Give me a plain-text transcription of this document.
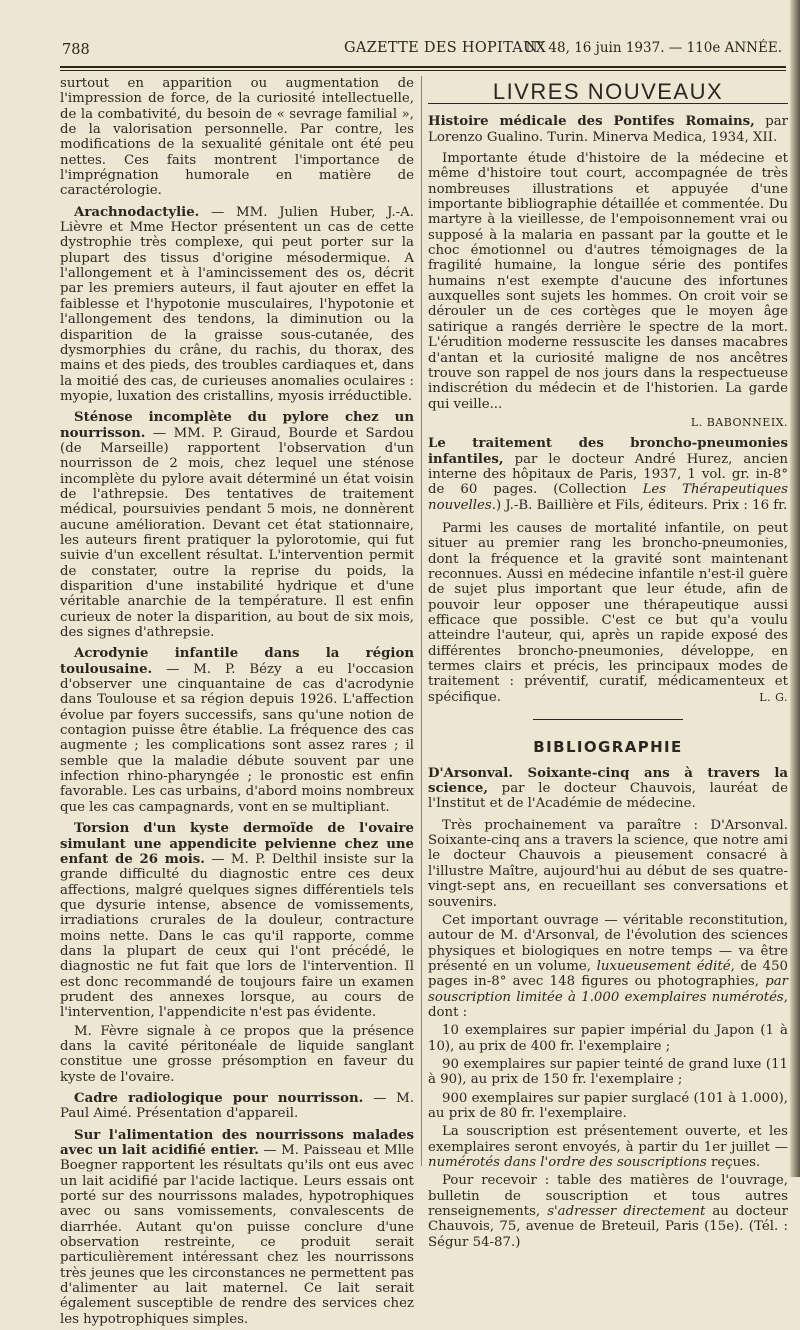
788	GAZETTE DES HOPITAUX
N° 48, 16 juin 1937. — 110e ANNÉE.

surtout en apparition ou augmentation de l'impression de force, de la curiosité intellectuelle, de la combativité, du besoin de « sevrage familial », de la valorisation personnelle. Par contre, les modifications de la sexualité génitale ont été peu nettes. Ces faits montrent l'importance de l'imprégnation humorale en matière de caractérologie.

Arachnodactylie. — MM. Julien Huber, J.-A. Lièvre et Mme Hector présentent un cas de cette dystrophie très complexe, qui peut porter sur la plupart des tissus d'origine mésodermique. A l'allongement et à l'amincissement des os, décrit par les premiers auteurs, il faut ajouter en effet la faiblesse et l'hypotonie musculaires, l'hypotonie et l'allongement des tendons, la diminution ou la disparition de la graisse sous-cutanée, des dysmorphies du crâne, du rachis, du thorax, des mains et des pieds, des troubles cardiaques et, dans la moitié des cas, de curieuses anomalies oculaires : myopie, luxation des cristallins, myosis irréductible.

Sténose incomplète du pylore chez un nourrisson. — MM. P. Giraud, Bourde et Sardou (de Marseille) rapportent l'observation d'un nourrisson de 2 mois, chez lequel une sténose incomplète du pylore avait déterminé un état voisin de l'athrepsie. Des tentatives de traitement médical, poursuivies pendant 5 mois, ne donnèrent aucune amélioration. Devant cet état stationnaire, les auteurs firent pratiquer la pylorotomie, qui fut suivie d'un excellent résultat. L'intervention permit de constater, outre la reprise du poids, la disparition d'une instabilité hydrique et d'une véritable anarchie de la température. Il est enfin curieux de noter la disparition, au bout de six mois, des signes d'athrepsie.

Acrodynie infantile dans la région toulousaine. — M. P. Bézy a eu l'occasion d'observer une cinquantaine de cas d'acrodynie dans Toulouse et sa région depuis 1926. L'affection évolue par foyers successifs, sans qu'une notion de contagion puisse être établie. La fréquence des cas augmente ; les complications sont assez rares ; il semble que la maladie débute souvent par une infection rhino-pharyngée ; le pronostic est enfin favorable. Les cas urbains, d'abord moins nombreux que les cas campagnards, vont en se multipliant.

Torsion d'un kyste dermoïde de l'ovaire simulant une appendicite pelvienne chez une enfant de 26 mois. — M. P. Delthil insiste sur la grande difficulté du diagnostic entre ces deux affections, malgré quelques signes différentiels tels que dysurie intense, absence de vomissements, irradiations crurales de la douleur, contracture moins nette. Dans le cas qu'il rapporte, comme dans la plupart de ceux qui l'ont précédé, le diagnostic ne fut fait que lors de l'intervention. Il est donc recommandé de toujours faire un examen prudent des annexes lorsque, au cours de l'intervention, l'appendicite n'est pas évidente.

M. Fèvre signale à ce propos que la présence dans la cavité péritonéale de liquide sanglant constitue une grosse présomption en faveur du kyste de l'ovaire.

Cadre radiologique pour nourrisson. — M. Paul Aimé. Présentation d'appareil.

Sur l'alimentation des nourrissons malades avec un lait acidifié entier. — M. Paisseau et Mlle Boegner rapportent les résultats qu'ils ont eus avec un lait acidifié par l'acide lactique. Leurs essais ont porté sur des nourrissons malades, hypotrophiques avec ou sans vomissements, convalescents de diarrhée. Autant qu'on puisse conclure d'une observation restreinte, ce produit serait particulièrement intéressant chez les nourrissons très jeunes que les circonstances ne permettent pas d'alimenter au lait maternel. Ce lait serait également susceptible de rendre des services chez les hypotrophiques simples.

LIVRES NOUVEAUX

Histoire médicale des Pontifes Romains, par Lorenzo Gualino. Turin. Minerva Medica, 1934, XII.

Importante étude d'histoire de la médecine et même d'histoire tout court, accompagnée de très nombreuses illustrations et appuyée d'une importante bibliographie détaillée et commentée. Du martyre à la vieillesse, de l'empoisonnement vrai ou supposé à la malaria en passant par la goutte et le choc émotionnel ou d'autres témoignages de la fragilité humaine, la longue série des pontifes humains n'est exempte d'aucune des infortunes auxquelles sont sujets les hommes. On croit voir se dérouler un de ces cortèges que le moyen âge satirique a rangés derrière le spectre de la mort. L'érudition moderne ressuscite les danses macabres d'antan et la curiosité maligne de nos ancêtres trouve son rappel de nos jours dans la respectueuse indiscrétion du médecin et de l'historien. La garde qui veille...

L. BABONNEIX.

Le traitement des broncho-pneumonies infantiles, par le docteur André Hurez, ancien interne des hôpitaux de Paris, 1937, 1 vol. gr. in-8° de 60 pages. (Collection Les Thérapeutiques nouvelles.) J.-B. Baillière et Fils, éditeurs. Prix : 16 fr.

Parmi les causes de mortalité infantile, on peut situer au premier rang les broncho-pneumonies, dont la fréquence et la gravité sont maintenant reconnues. Aussi en médecine infantile n'est-il guère de sujet plus important que leur étude, afin de pouvoir leur opposer une thérapeutique aussi efficace que possible. C'est ce but qu'a voulu atteindre l'auteur, qui, après un rapide exposé des différentes broncho-pneumonies, développe, en termes clairs et précis, les principaux modes de traitement : préventif, curatif, médicamenteux et spécifique.	L. G.

BIBLIOGRAPHIE

D'Arsonval. Soixante-cinq ans à travers la science, par le docteur Chauvois, lauréat de l'Institut et de l'Académie de médecine.

Très prochainement va paraître : D'Arsonval. Soixante-cinq ans a travers la science, que notre ami le docteur Chauvois a pieusement consacré à l'illustre Maître, aujourd'hui au début de ses quatre-vingt-sept ans, en recueillant ses conversations et souvenirs.

Cet important ouvrage — véritable reconstitution, autour de M. d'Arsonval, de l'évolution des sciences physiques et biologiques en notre temps — va être présenté en un volume, luxueusement édité, de 450 pages in-8° avec 148 figures ou photographies, par souscription limitée à 1.000 exemplaires numérotés, dont :

10 exemplaires sur papier impérial du Japon (1 à 10), au prix de 400 fr. l'exemplaire ;

90 exemplaires sur papier teinté de grand luxe (11 à 90), au prix de 150 fr. l'exemplaire ;

900 exemplaires sur papier surglacé (101 à 1.000), au prix de 80 fr. l'exemplaire.

La souscription est présentement ouverte, et les exemplaires seront envoyés, à partir du 1er juillet — numérotés dans l'ordre des souscriptions reçues.

Pour recevoir : table des matières de l'ouvrage, bulletin de souscription et tous autres renseignements, s'adresser directement au docteur Chauvois, 75, avenue de Breteuil, Paris (15e). (Tél. : Ségur 54-87.)
